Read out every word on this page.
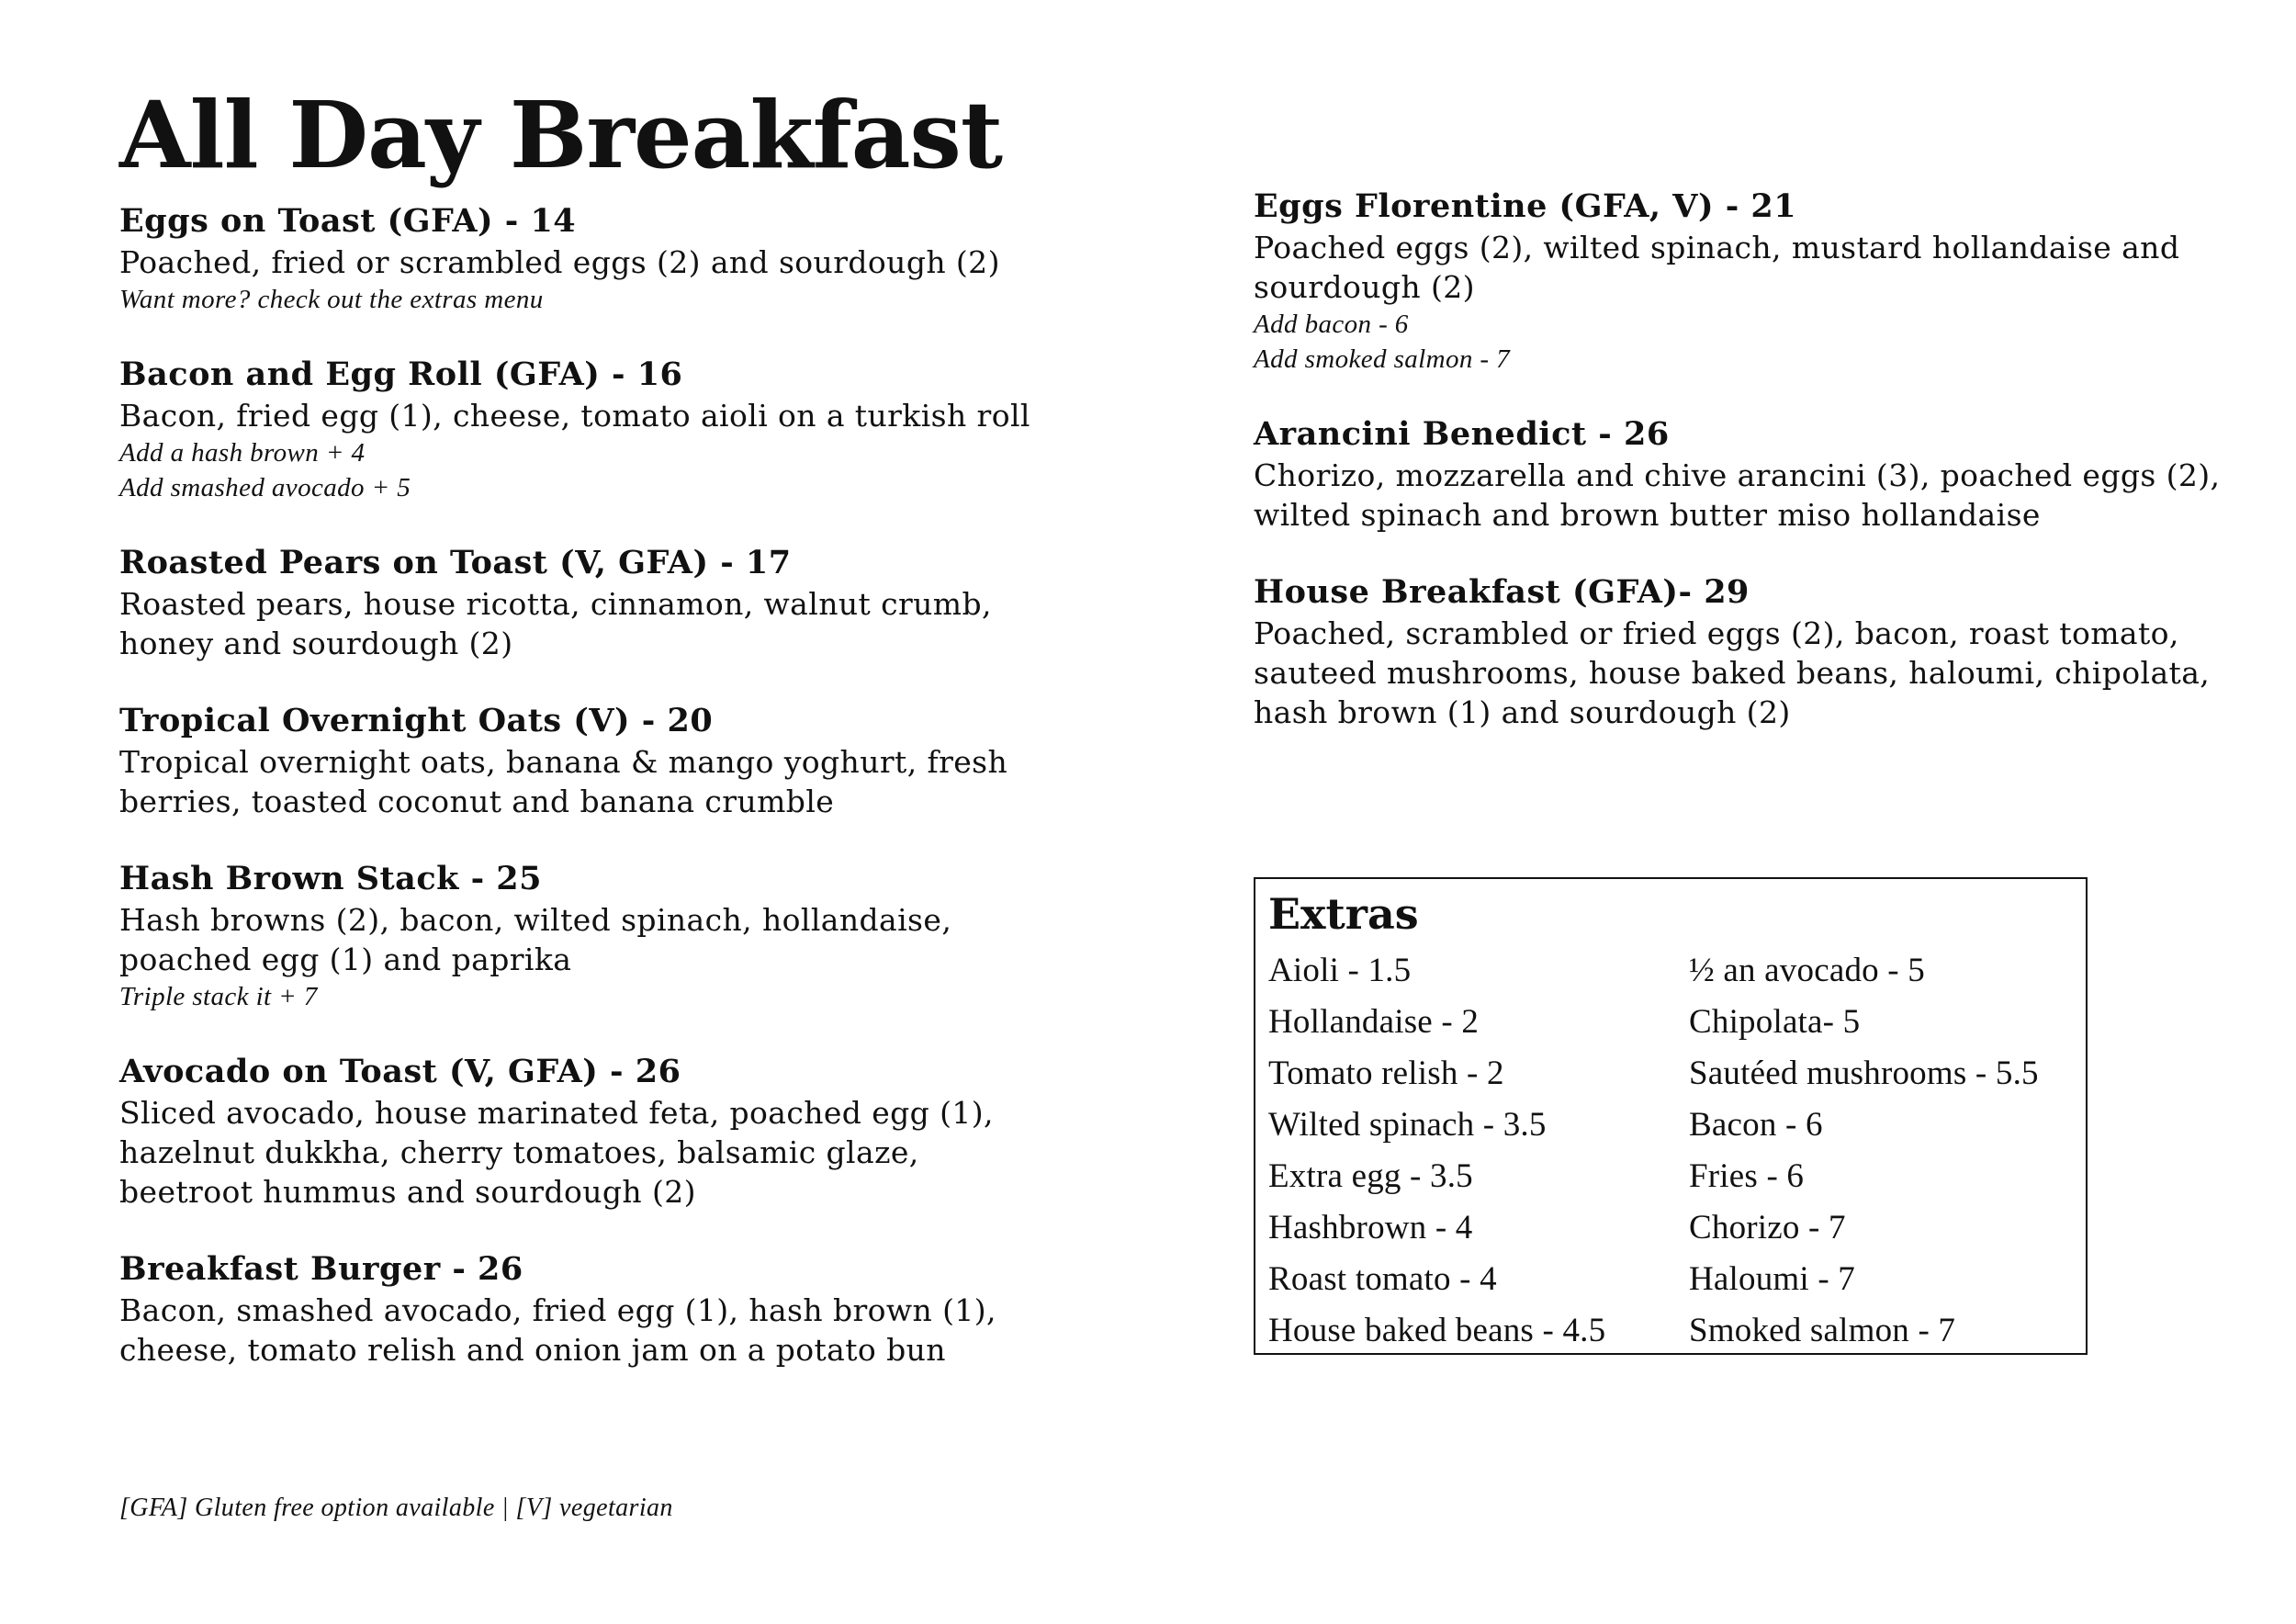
All Day Breakfast
Eggs on Toast (GFA) - 14
Poached, fried or scrambled eggs (2) and sourdough (2)
Want more? check out the extras menu
Bacon and Egg Roll (GFA) - 16
Bacon, fried egg (1), cheese, tomato aioli on a turkish roll
Add a hash brown + 4
Add smashed avocado + 5
Roasted Pears on Toast (V, GFA) - 17
Roasted pears, house ricotta, cinnamon, walnut crumb, honey and sourdough (2)
Tropical Overnight Oats (V) - 20
Tropical overnight oats, banana & mango yoghurt, fresh berries, toasted coconut and banana crumble
Hash Brown Stack - 25
Hash browns (2), bacon, wilted spinach, hollandaise, poached egg (1) and paprika
Triple stack it + 7
Avocado on Toast (V, GFA) - 26
Sliced avocado, house marinated feta, poached egg (1), hazelnut dukkha, cherry tomatoes, balsamic glaze, beetroot hummus and sourdough (2)
Breakfast Burger - 26
Bacon, smashed avocado, fried egg (1), hash brown (1), cheese, tomato relish and onion jam on a potato bun
Eggs Florentine (GFA, V) - 21
Poached eggs (2), wilted spinach, mustard hollandaise and sourdough (2)
Add bacon - 6
Add smoked salmon - 7
Arancini Benedict - 26
Chorizo, mozzarella and chive arancini (3), poached eggs (2), wilted spinach and brown butter miso hollandaise
House Breakfast (GFA)- 29
Poached, scrambled or fried eggs (2), bacon, roast tomato, sauteed mushrooms, house baked beans, haloumi, chipolata, hash brown (1) and sourdough (2)
Extras
Aioli - 1.5
Hollandaise - 2
Tomato relish - 2
Wilted spinach - 3.5
Extra egg - 3.5
Hashbrown - 4
Roast tomato - 4
House baked beans - 4.5
½ an avocado - 5
Chipolata- 5
Sautéed mushrooms - 5.5
Bacon - 6
Fries - 6
Chorizo - 7
Haloumi - 7
Smoked salmon - 7
[GFA] Gluten free option available | [V] vegetarian
